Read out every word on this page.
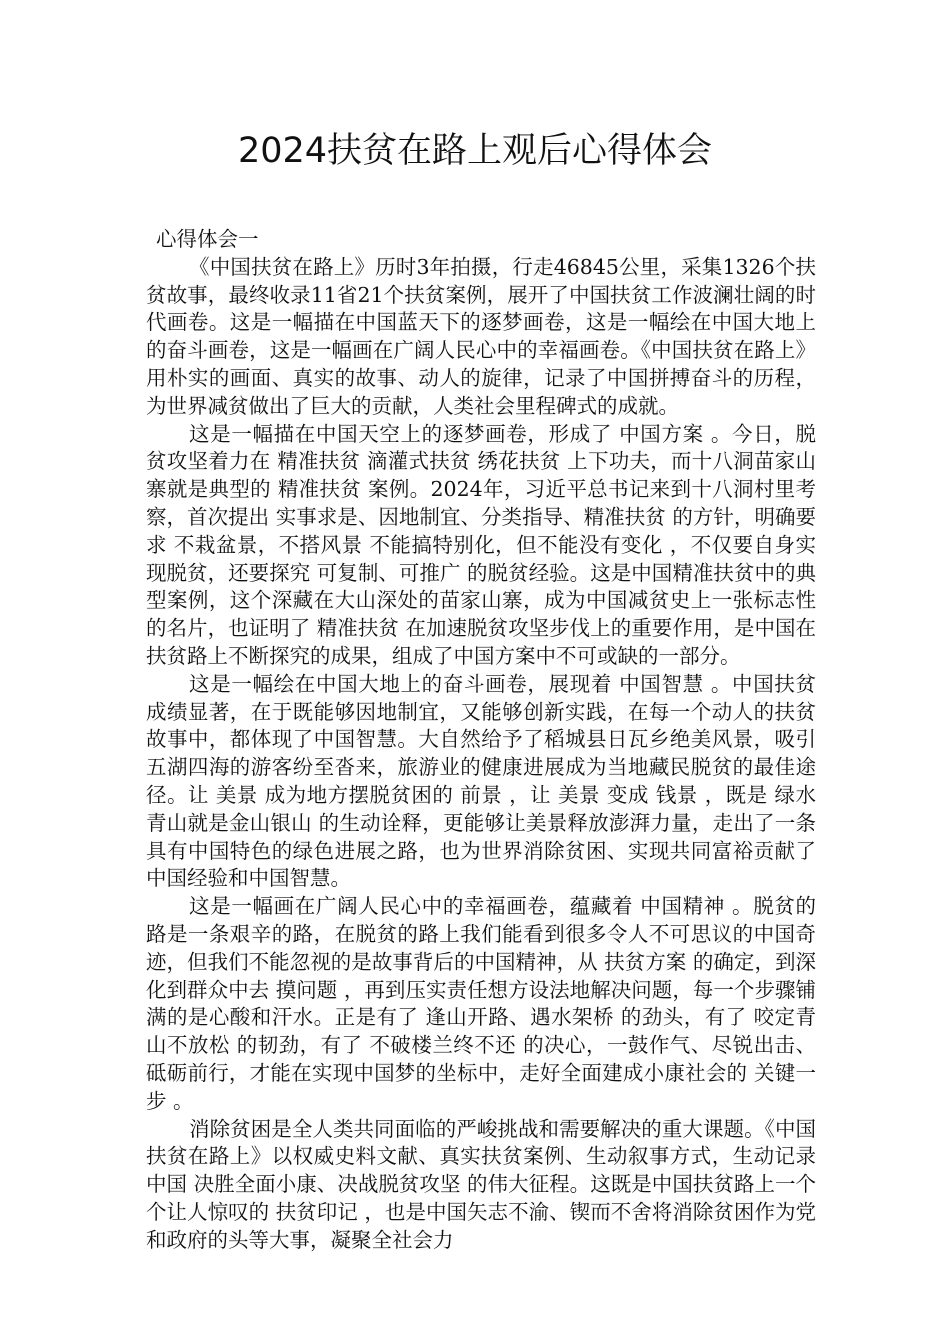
2024扶贫在路上观后心得体会

心得体会一

《中国扶贫在路上》历时3年拍摄，行走46845公里，采集1326个扶贫故事，最终收录11省21个扶贫案例，展开了中国扶贫工作波澜壮阔的时代画卷。这是一幅描在中国蓝天下的逐梦画卷，这是一幅绘在中国大地上的奋斗画卷，这是一幅画在广阔人民心中的幸福画卷。《中国扶贫在路上》用朴实的画面、真实的故事、动人的旋律，记录了中国拼搏奋斗的历程，为世界减贫做出了巨大的贡献，人类社会里程碑式的成就。

这是一幅描在中国天空上的逐梦画卷，形成了 中国方案 。今日，脱贫攻坚着力在 精准扶贫 滴灌式扶贫 绣花扶贫 上下功夫，而十八洞苗家山寨就是典型的 精准扶贫 案例。2024年，习近平总书记来到十八洞村里考察，首次提出 实事求是、因地制宜、分类指导、精准扶贫 的方针，明确要求 不栽盆景，不搭风景 不能搞特别化，但不能没有变化 ，不仅要自身实现脱贫，还要探究 可复制、可推广 的脱贫经验。这是中国精准扶贫中的典型案例，这个深藏在大山深处的苗家山寨，成为中国减贫史上一张标志性的名片，也证明了 精准扶贫 在加速脱贫攻坚步伐上的重要作用，是中国在扶贫路上不断探究的成果，组成了中国方案中不可或缺的一部分。

这是一幅绘在中国大地上的奋斗画卷，展现着 中国智慧 。中国扶贫成绩显著，在于既能够因地制宜，又能够创新实践，在每一个动人的扶贫故事中，都体现了中国智慧。大自然给予了稻城县日瓦乡绝美风景，吸引五湖四海的游客纷至沓来，旅游业的健康进展成为当地藏民脱贫的最佳途径。让 美景 成为地方摆脱贫困的 前景 ，让 美景 变成 钱景 ，既是 绿水青山就是金山银山 的生动诠释，更能够让美景释放澎湃力量，走出了一条具有中国特色的绿色进展之路，也为世界消除贫困、实现共同富裕贡献了中国经验和中国智慧。

这是一幅画在广阔人民心中的幸福画卷，蕴藏着 中国精神 。脱贫的路是一条艰辛的路，在脱贫的路上我们能看到很多令人不可思议的中国奇迹，但我们不能忽视的是故事背后的中国精神，从 扶贫方案 的确定，到深化到群众中去 摸问题 ，再到压实责任想方设法地解决问题，每一个步骤铺满的是心酸和汗水。正是有了 逢山开路、遇水架桥 的劲头，有了 咬定青山不放松 的韧劲，有了 不破楼兰终不还 的决心，一鼓作气、尽锐出击、砥砺前行，才能在实现中国梦的坐标中，走好全面建成小康社会的 关键一步 。

消除贫困是全人类共同面临的严峻挑战和需要解决的重大课题。《中国扶贫在路上》以权威史料文献、真实扶贫案例、生动叙事方式，生动记录中国 决胜全面小康、决战脱贫攻坚 的伟大征程。这既是中国扶贫路上一个个让人惊叹的 扶贫印记 ，也是中国矢志不渝、锲而不舍将消除贫困作为党和政府的头等大事，凝聚全社会力
